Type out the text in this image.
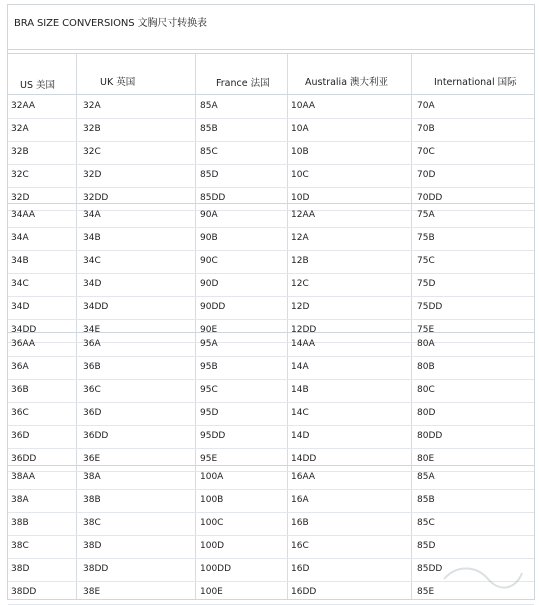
BRA SIZE CONVERSIONS 文胸尺寸转换表
US 美国	UK 英国	France 法国	Australia 澳大利亚	International 国际
32AA	32A	85A	10AA	70A
32A	32B	85B	10A	70B
32B	32C	85C	10B	70C
32C	32D	85D	10C	70D
32D	32DD	85DD	10D	70DD
34AA	34A	90A	12AA	75A
34A	34B	90B	12A	75B
34B	34C	90C	12B	75C
34C	34D	90D	12C	75D
34D	34DD	90DD	12D	75DD
34DD	34E	90E	12DD	75E
36AA	36A	95A	14AA	80A
36A	36B	95B	14A	80B
36B	36C	95C	14B	80C
36C	36D	95D	14C	80D
36D	36DD	95DD	14D	80DD
36DD	36E	95E	14DD	80E
38AA	38A	100A	16AA	85A
38A	38B	100B	16A	85B
38B	38C	100C	16B	85C
38C	38D	100D	16C	85D
38D	38DD	100DD	16D	85DD
38DD	38E	100E	16DD	85E
